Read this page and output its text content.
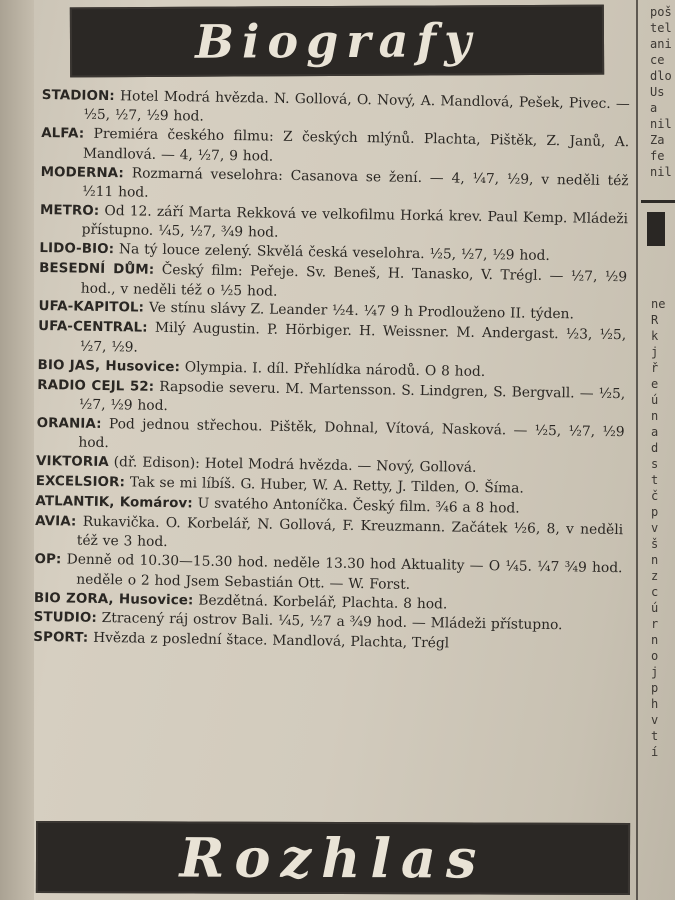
Biografy

STADION: Hotel Modrá hvězda. N. Gollová, O. Nový, A. Mandlová, Pešek, Pivec. — ½5, ½7, ½9 hod.

ALFA: Premiéra českého filmu: Z českých mlýnů. Plachta, Pištěk, Z. Janů, A. Mandlová. — 4, ½7, 9 hod.

MODERNA: Rozmarná veselohra: Casanova se žení. — 4, ¼7, ½9, v neděli též ½11 hod.

METRO: Od 12. září Marta Rekková ve velkofilmu Horká krev. Paul Kemp. Mládeži přístupno. ¼5, ½7, ¾9 hod.

LIDO-BIO: Na tý louce zelený. Skvělá česká veselohra. ½5, ½7, ½9 hod.

BESEDNÍ DŮM: Český film: Peřeje. Sv. Beneš, H. Tanasko, V. Trégl. — ½7, ½9 hod., v neděli též o ½5 hod.

UFA-KAPITOL: Ve stínu slávy Z. Leander ½4. ¼7 9 h Prodlouženo II. týden.

UFA-CENTRAL: Milý Augustin. P. Hörbiger. H. Weissner. M. Andergast. ½3, ½5, ½7, ½9.

BIO JAS, Husovice: Olympia. I. díl. Přehlídka národů. O 8 hod.

RADIO CEJL 52: Rapsodie severu. M. Martensson. S. Lindgren, S. Bergvall. — ½5, ½7, ½9 hod.

ORANIA: Pod jednou střechou. Pištěk, Dohnal, Vítová, Nasková. — ½5, ½7, ½9 hod.

VIKTORIA (dř. Edison): Hotel Modrá hvězda. — Nový, Gollová.

EXCELSIOR: Tak se mi líbíš. G. Huber, W. A. Retty, J. Tilden, O. Šíma.

ATLANTIK, Komárov: U svatého Antoníčka. Český film. ¾6 a 8 hod.

AVIA: Rukavička. O. Korbelář, N. Gollová, F. Kreuzmann. Začátek ½6, 8, v neděli též ve 3 hod.

OP: Denně od 10.30—15.30 hod. neděle 13.30 hod Aktuality — O ¼5. ¼7 ¾9 hod. neděle o 2 hod Jsem Sebastián Ott. — W. Forst.

BIO ZORA, Husovice: Bezdětná. Korbelář, Plachta. 8 hod.

STUDIO: Ztracený ráj ostrov Bali. ¼5, ½7 a ¾9 hod. — Mládeži přístupno.

SPORT: Hvězda z poslední štace. Mandlová, Plachta, Trégl

Rozhlas
poš
tel
ani
ce
dlo
Us
a
nil
Za
fe
nil
ne
R
k
j
ř
e
ú
n
a
d
s
t
č
p
v
š
n
z
c
ú
r
n
o
j
p
h
v
t
í
